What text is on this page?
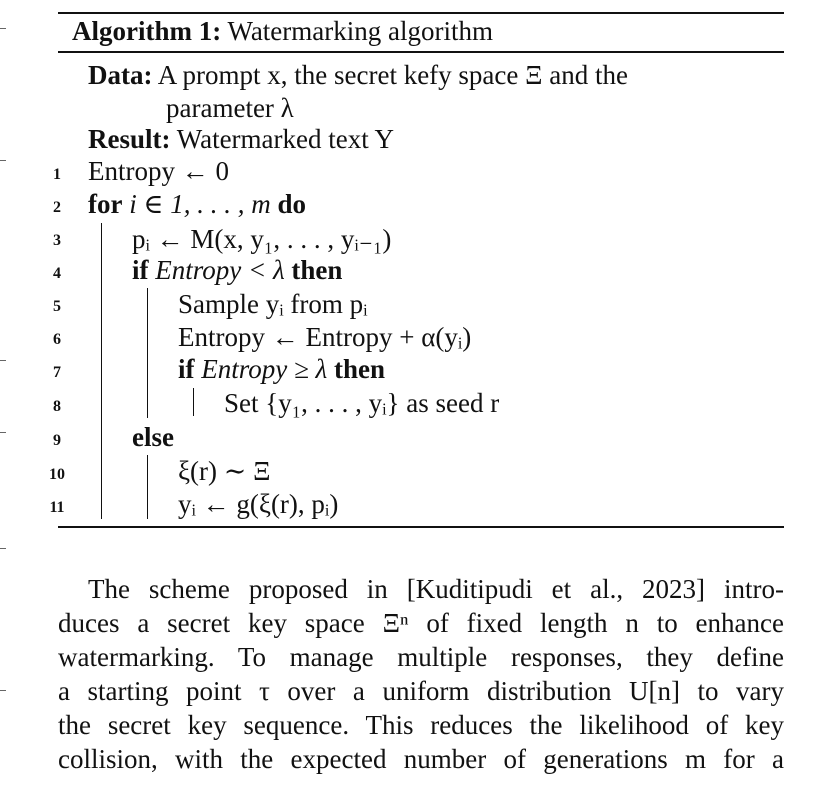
Algorithm 1: Watermarking algorithm
Data: A prompt x, the secret kefy space Ξ and the
parameter λ
Result: Watermarked text Y
1
2
3
4
5
6
7
8
9
10
11
Entropy ← 0
for i ∈ 1, . . . , m do
pᵢ ← M(x, y₁, . . . , yᵢ₋₁)
if Entropy < λ then
Sample yᵢ from pᵢ
Entropy ← Entropy + α(yᵢ)
if Entropy ≥ λ then
Set {y₁, . . . , yᵢ} as seed r
else
ξ(r) ∼ Ξ
yᵢ ← g(ξ(r), pᵢ)
The scheme proposed in [Kuditipudi et al., 2023] intro-
duces a secret key space Ξⁿ of fixed length n to enhance
watermarking. To manage multiple responses, they define
a starting point τ over a uniform distribution U[n] to vary
the secret key sequence. This reduces the likelihood of key
collision, with the expected number of generations m for a
